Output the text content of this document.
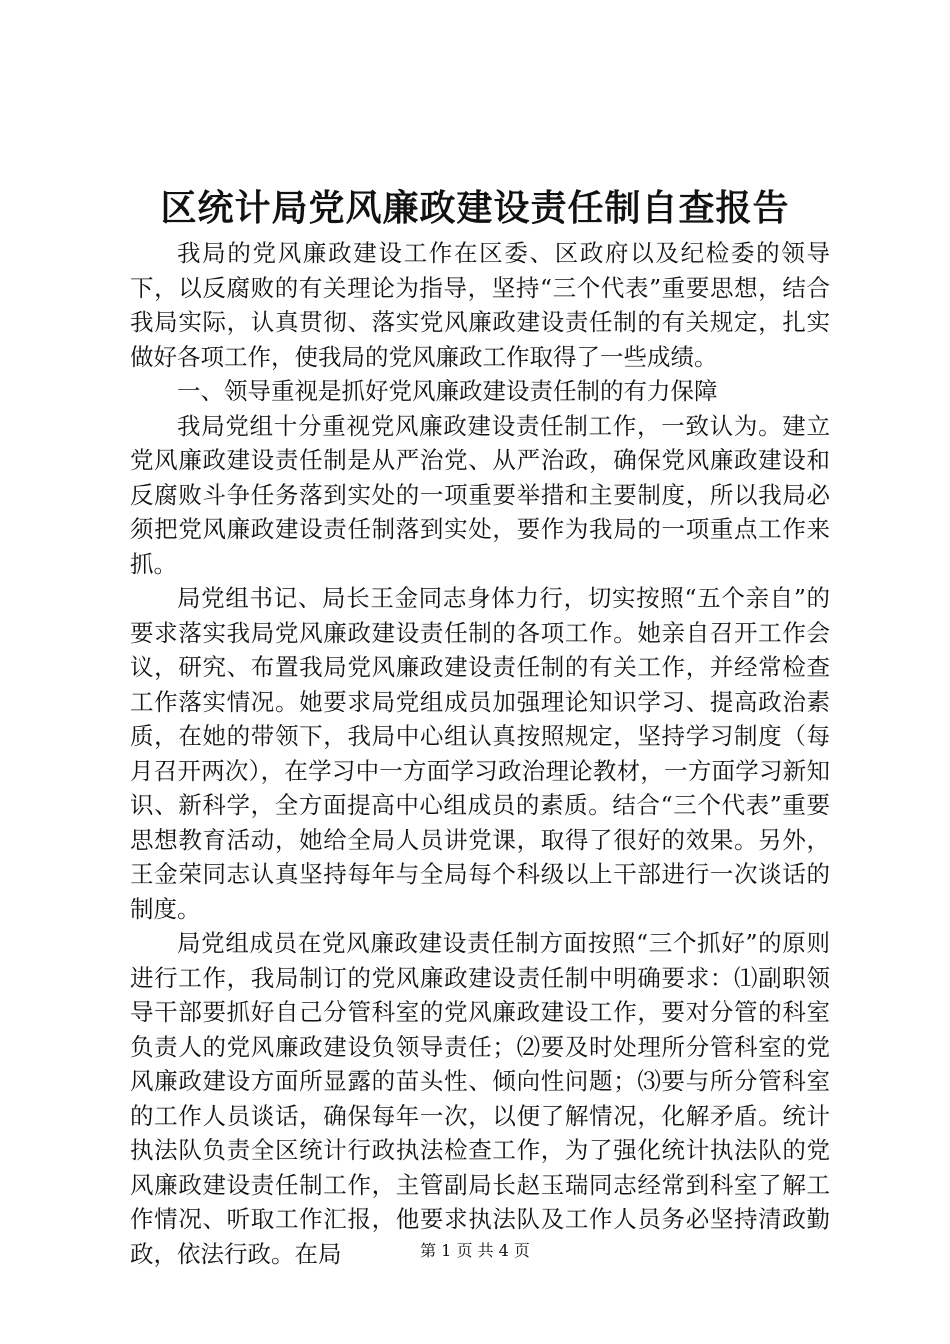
区统计局党风廉政建设责任制自查报告

我局的党风廉政建设工作在区委、区政府以及纪检委的领导下，以反腐败的有关理论为指导，坚持“三个代表”重要思想，结合我局实际，认真贯彻、落实党风廉政建设责任制的有关规定，扎实做好各项工作，使我局的党风廉政工作取得了一些成绩。

一、领导重视是抓好党风廉政建设责任制的有力保障

我局党组十分重视党风廉政建设责任制工作，一致认为。建立党风廉政建设责任制是从严治党、从严治政，确保党风廉政建设和反腐败斗争任务落到实处的一项重要举措和主要制度，所以我局必须把党风廉政建设责任制落到实处，要作为我局的一项重点工作来抓。

局党组书记、局长王金同志身体力行，切实按照“五个亲自”的要求落实我局党风廉政建设责任制的各项工作。她亲自召开工作会议，研究、布置我局党风廉政建设责任制的有关工作，并经常检查工作落实情况。她要求局党组成员加强理论知识学习、提高政治素质，在她的带领下，我局中心组认真按照规定，坚持学习制度（每月召开两次），在学习中一方面学习政治理论教材，一方面学习新知识、新科学，全方面提高中心组成员的素质。结合“三个代表”重要思想教育活动，她给全局人员讲党课，取得了很好的效果。另外，王金荣同志认真坚持每年与全局每个科级以上干部进行一次谈话的制度。

局党组成员在党风廉政建设责任制方面按照“三个抓好”的原则进行工作，我局制订的党风廉政建设责任制中明确要求：⑴副职领导干部要抓好自己分管科室的党风廉政建设工作，要对分管的科室负责人的党风廉政建设负领导责任；⑵要及时处理所分管科室的党风廉政建设方面所显露的苗头性、倾向性问题；⑶要与所分管科室的工作人员谈话，确保每年一次，以便了解情况，化解矛盾。统计执法队负责全区统计行政执法检查工作，为了强化统计执法队的党风廉政建设责任制工作，主管副局长赵玉瑞同志经常到科室了解工作情况、听取工作汇报，他要求执法队及工作人员务必坚持清政勤政，依法行政。在局	第 1 页 共 4 页
